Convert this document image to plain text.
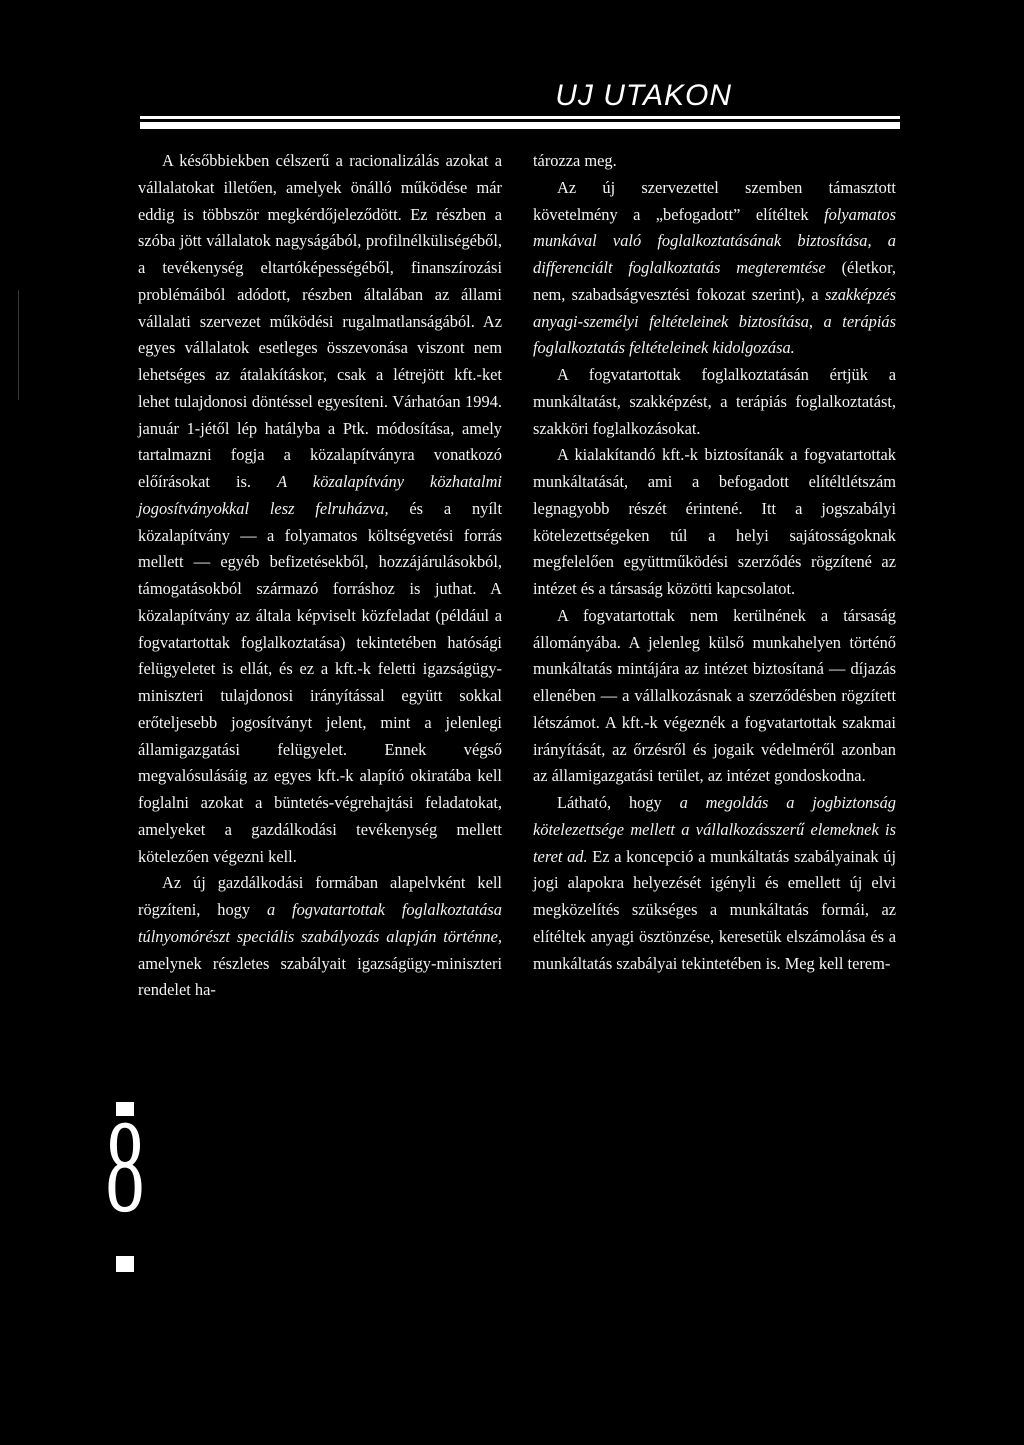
UJ UTAKON

A későbbiekben célszerű a racionalizálás azokat a vállalatokat illetően, amelyek önálló működése már eddig is többször megkérdőjeleződött. Ez részben a szóba jött vállalatok nagyságából, profilnélküliségéből, a tevékenység eltartóképességéből, finanszírozási problémáiból adódott, részben általában az állami vállalati szervezet működési rugalmatlanságából. Az egyes vállalatok esetleges összevonása viszont nem lehetséges az átalakításkor, csak a létrejött kft.-ket lehet tulajdonosi döntéssel egyesíteni. Várhatóan 1994. január 1-jétől lép hatályba a Ptk. módosítása, amely tartalmazni fogja a közalapítványra vonatkozó előírásokat is. A közalapítvány közhatalmi jogosítványokkal lesz felruházva, és a nyílt közalapítvány — a folyamatos költségvetési forrás mellett — egyéb befizetésekből, hozzájárulásokból, támogatásokból származó forráshoz is juthat. A közalapítvány az általa képviselt közfeladat (például a fogvatartottak foglalkoztatása) tekintetében hatósági felügyeletet is ellát, és ez a kft.-k feletti igazságügy-miniszteri tulajdonosi irányítással együtt sokkal erőteljesebb jogosítványt jelent, mint a jelenlegi államigazgatási felügyelet. Ennek végső megvalósulásáig az egyes kft.-k alapító okiratába kell foglalni azokat a büntetés-végrehajtási feladatokat, amelyeket a gazdálkodási tevékenység mellett kötelezően végezni kell.

Az új gazdálkodási formában alapelvként kell rögzíteni, hogy a fogvatartottak foglalkoztatása túlnyomórészt speciális szabályozás alapján történne, amelynek részletes szabályait igazságügy-miniszteri rendelet ha-

tározza meg.

Az új szervezettel szemben támasztott követelmény a „befogadott” elítéltek folyamatos munkával való foglalkoztatásának biztosítása, a differenciált foglalkoztatás megteremtése (életkor, nem, szabadságvesztési fokozat szerint), a szakképzés anyagi-személyi feltételeinek biztosítása, a terápiás foglalkoztatás feltételeinek kidolgozása.

A fogvatartottak foglalkoztatásán értjük a munkáltatást, szakképzést, a terápiás foglalkoztatást, szakköri foglalkozásokat.

A kialakítandó kft.-k biztosítanák a fogvatartottak munkáltatását, ami a befogadott elítéltlétszám legnagyobb részét érintené. Itt a jogszabályi kötelezettségeken túl a helyi sajátosságoknak megfelelően együttműködési szerződés rögzítené az intézet és a társaság közötti kapcsolatot.

A fogvatartottak nem kerülnének a társaság állományába. A jelenleg külső munkahelyen történő munkáltatás mintájára az intézet biztosítaná — díjazás ellenében — a vállalkozásnak a szerződésben rögzített létszámot. A kft.-k végeznék a fogvatartottak szakmai irányítását, az őrzésről és jogaik védelméről azonban az államigazgatási terület, az intézet gondoskodna.

Látható, hogy a megoldás a jogbiztonság kötelezettsége mellett a vállalkozásszerű elemeknek is teret ad. Ez a koncepció a munkáltatás szabályainak új jogi alapokra helyezését igényli és emellett új elvi megközelítés szükséges a munkáltatás formái, az elítéltek anyagi ösztönzése, keresetük elszámolása és a munkáltatás szabályai tekintetében is. Meg kell terem-

8
